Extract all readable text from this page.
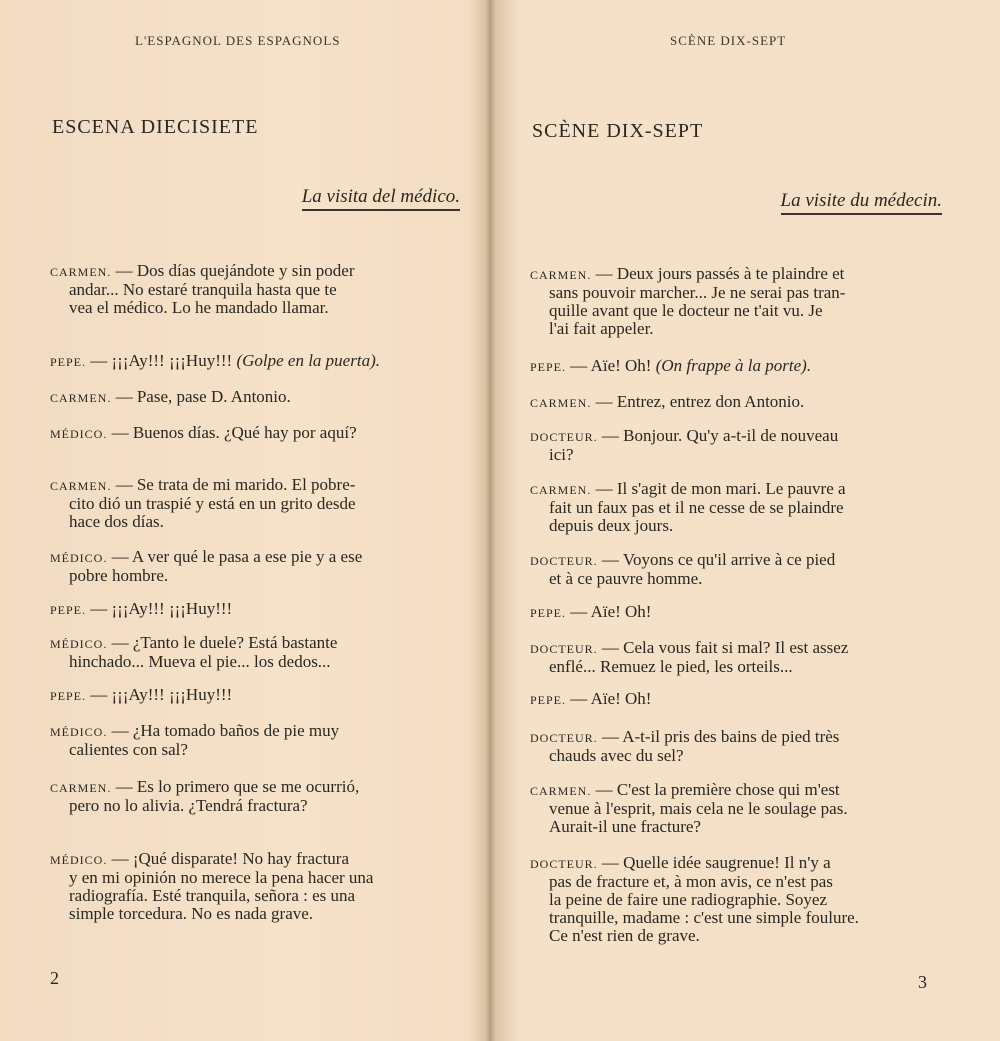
L'ESPAGNOL DES ESPAGNOLS
ESCENA DIECISIETE
La visita del médico.
CARMEN. — Dos días quejándote y sin poder
andar... No estaré tranquila hasta que te
vea el médico. Lo he mandado llamar.
PEPE. — ¡¡¡Ay!!! ¡¡¡Huy!!! (Golpe en la puerta).
CARMEN. — Pase, pase D. Antonio.
MÉDICO. — Buenos días. ¿Qué hay por aquí?
CARMEN. — Se trata de mi marido. El pobre-
cito dió un traspié y está en un grito desde
hace dos días.
MÉDICO. — A ver qué le pasa a ese pie y a ese
pobre hombre.
PEPE. — ¡¡¡Ay!!! ¡¡¡Huy!!!
MÉDICO. — ¿Tanto le duele? Está bastante
hinchado... Mueva el pie... los dedos...
PEPE. — ¡¡¡Ay!!! ¡¡¡Huy!!!
MÉDICO. — ¿Ha tomado baños de pie muy
calientes con sal?
CARMEN. — Es lo primero que se me ocurrió,
pero no lo alivia. ¿Tendrá fractura?
MÉDICO. — ¡Qué disparate! No hay fractura
y en mi opinión no merece la pena hacer una
radiografía. Esté tranquila, señora : es una
simple torcedura. No es nada grave.
2
SCÈNE DIX-SEPT
SCÈNE DIX-SEPT
La visite du médecin.
CARMEN. — Deux jours passés à te plaindre et
sans pouvoir marcher... Je ne serai pas tran-
quille avant que le docteur ne t'ait vu. Je
l'ai fait appeler.
PEPE. — Aïe! Oh! (On frappe à la porte).
CARMEN. — Entrez, entrez don Antonio.
DOCTEUR. — Bonjour. Qu'y a-t-il de nouveau
ici?
CARMEN. — Il s'agit de mon mari. Le pauvre a
fait un faux pas et il ne cesse de se plaindre
depuis deux jours.
DOCTEUR. — Voyons ce qu'il arrive à ce pied
et à ce pauvre homme.
PEPE. — Aïe! Oh!
DOCTEUR. — Cela vous fait si mal? Il est assez
enflé... Remuez le pied, les orteils...
PEPE. — Aïe! Oh!
DOCTEUR. — A-t-il pris des bains de pied très
chauds avec du sel?
CARMEN. — C'est la première chose qui m'est
venue à l'esprit, mais cela ne le soulage pas.
Aurait-il une fracture?
DOCTEUR. — Quelle idée saugrenue! Il n'y a
pas de fracture et, à mon avis, ce n'est pas
la peine de faire une radiographie. Soyez
tranquille, madame : c'est une simple foulure.
Ce n'est rien de grave.
3
